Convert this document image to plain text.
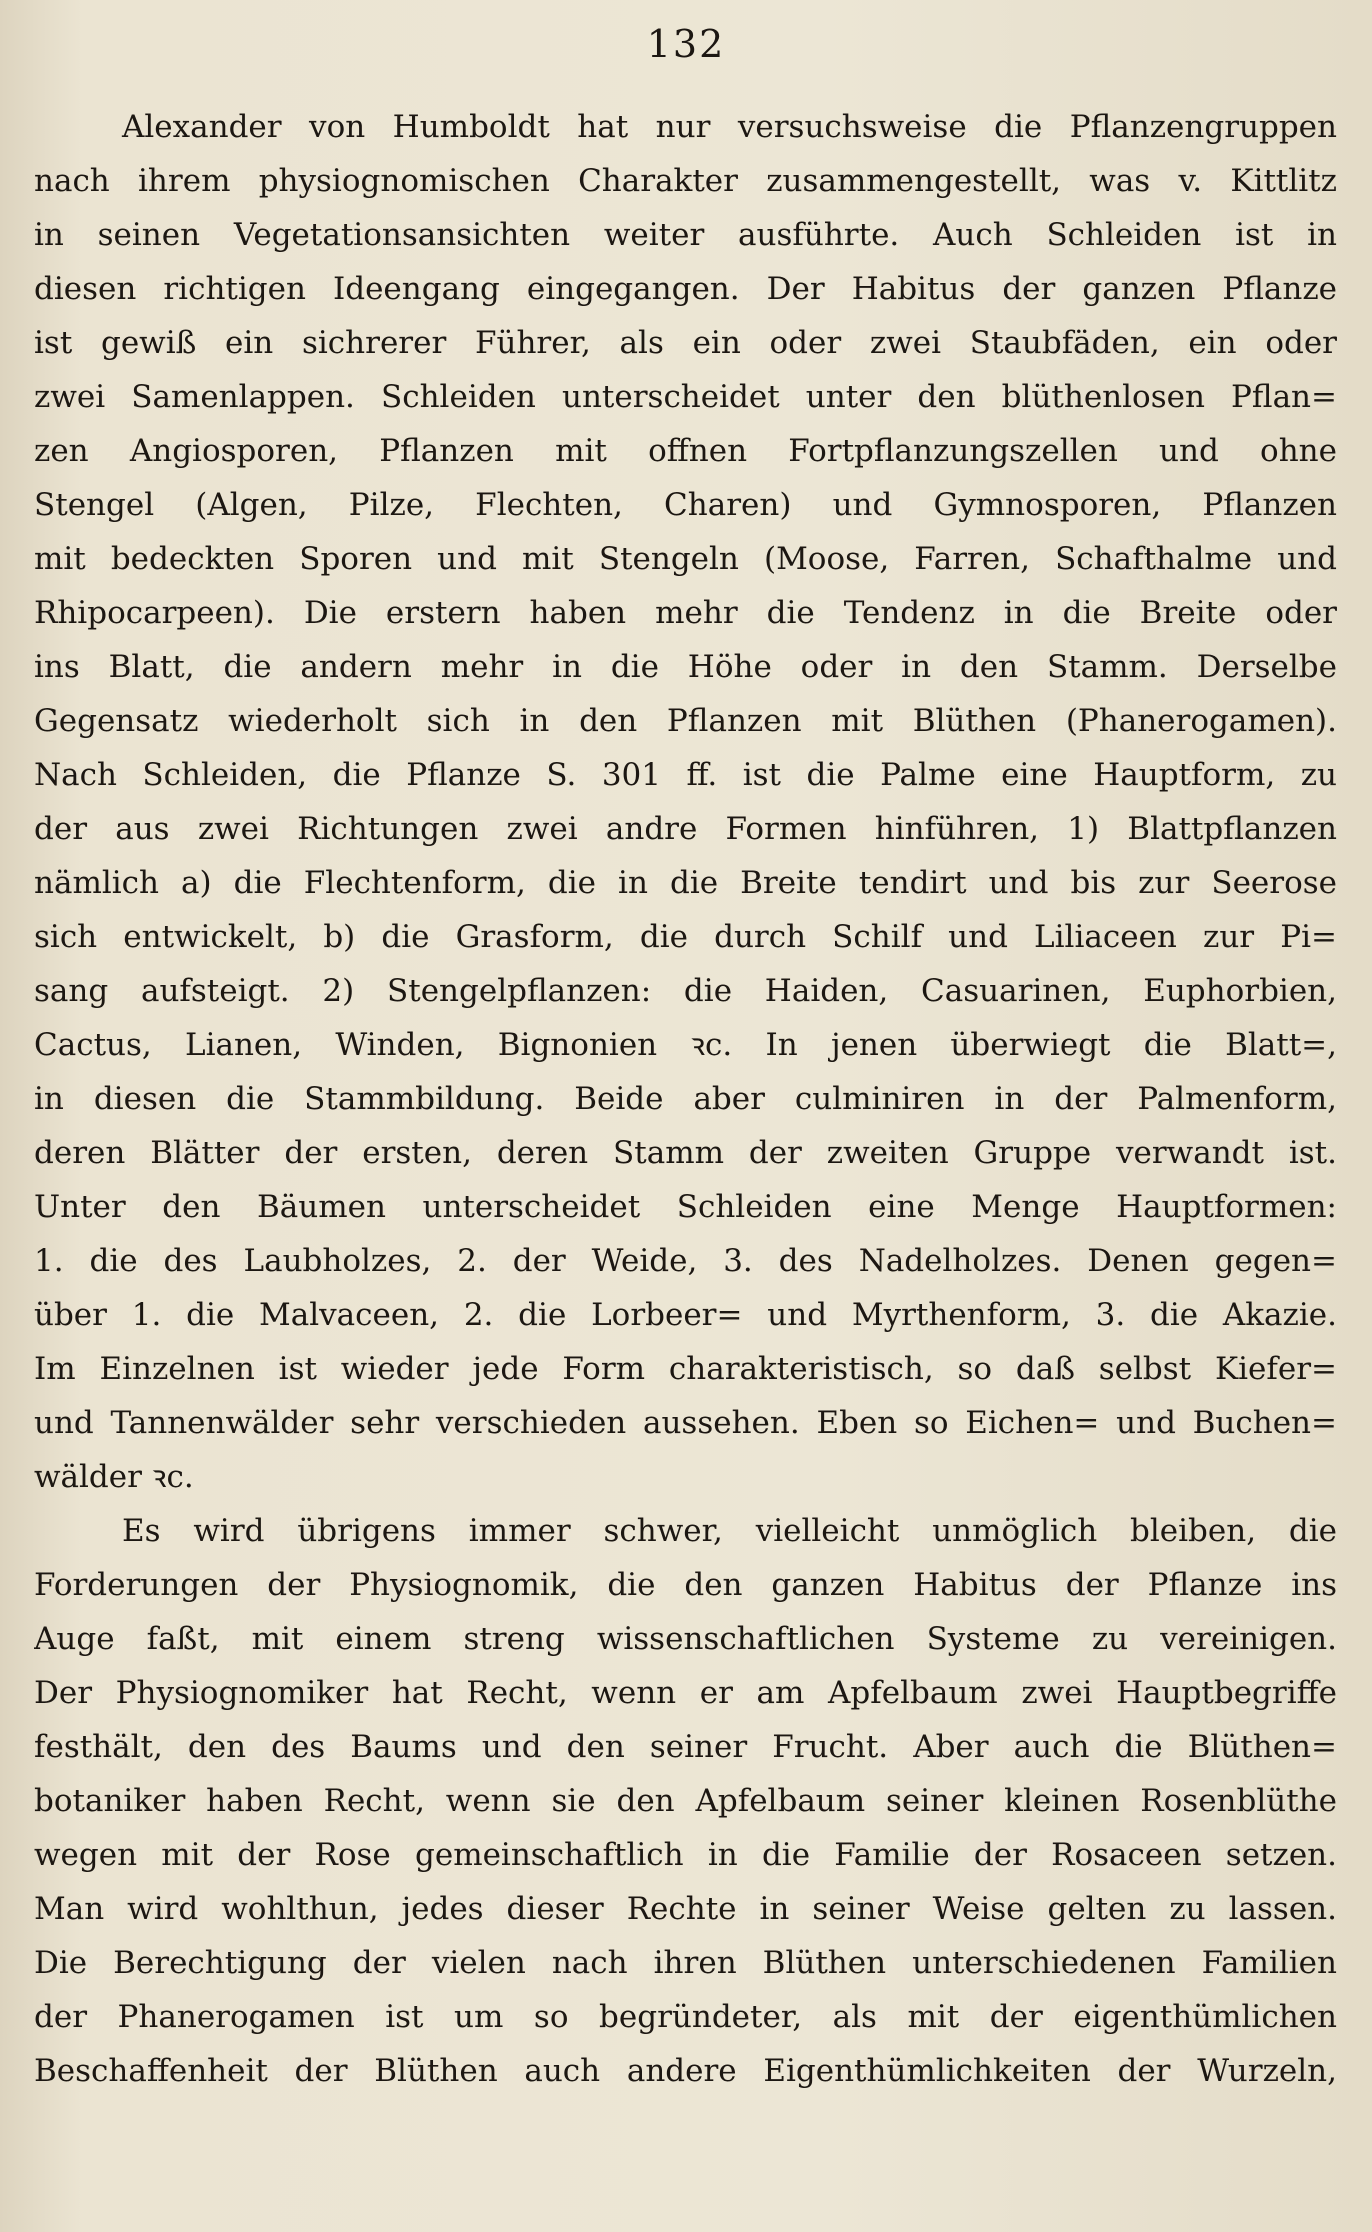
132
Alexander von Humboldt hat nur versuchsweise die Pflanzengruppen
nach ihrem physiognomischen Charakter zusammengestellt, was v. Kittlitz
in seinen Vegetationsansichten weiter ausführte. Auch Schleiden ist in
diesen richtigen Ideengang eingegangen. Der Habitus der ganzen Pflanze
ist gewiß ein sichrerer Führer, als ein oder zwei Staubfäden, ein oder
zwei Samenlappen. Schleiden unterscheidet unter den blüthenlosen Pflan=
zen Angiosporen, Pflanzen mit offnen Fortpflanzungszellen und ohne
Stengel (Algen, Pilze, Flechten, Charen) und Gymnosporen, Pflanzen
mit bedeckten Sporen und mit Stengeln (Moose, Farren, Schafthalme und
Rhipocarpeen). Die erstern haben mehr die Tendenz in die Breite oder
ins Blatt, die andern mehr in die Höhe oder in den Stamm. Derselbe
Gegensatz wiederholt sich in den Pflanzen mit Blüthen (Phanerogamen).
Nach Schleiden, die Pflanze S. 301 ff. ist die Palme eine Hauptform, zu
der aus zwei Richtungen zwei andre Formen hinführen, 1) Blattpflanzen
nämlich a) die Flechtenform, die in die Breite tendirt und bis zur Seerose
sich entwickelt, b) die Grasform, die durch Schilf und Liliaceen zur Pi=
sang aufsteigt. 2) Stengelpflanzen: die Haiden, Casuarinen, Euphorbien,
Cactus, Lianen, Winden, Bignonien ꝛc. In jenen überwiegt die Blatt=,
in diesen die Stammbildung. Beide aber culminiren in der Palmenform,
deren Blätter der ersten, deren Stamm der zweiten Gruppe verwandt ist.
Unter den Bäumen unterscheidet Schleiden eine Menge Hauptformen:
1. die des Laubholzes, 2. der Weide, 3. des Nadelholzes. Denen gegen=
über 1. die Malvaceen, 2. die Lorbeer= und Myrthenform, 3. die Akazie.
Im Einzelnen ist wieder jede Form charakteristisch, so daß selbst Kiefer=
und Tannenwälder sehr verschieden aussehen. Eben so Eichen= und Buchen=
wälder ꝛc.
Es wird übrigens immer schwer, vielleicht unmöglich bleiben, die
Forderungen der Physiognomik, die den ganzen Habitus der Pflanze ins
Auge faßt, mit einem streng wissenschaftlichen Systeme zu vereinigen.
Der Physiognomiker hat Recht, wenn er am Apfelbaum zwei Hauptbegriffe
festhält, den des Baums und den seiner Frucht. Aber auch die Blüthen=
botaniker haben Recht, wenn sie den Apfelbaum seiner kleinen Rosenblüthe
wegen mit der Rose gemeinschaftlich in die Familie der Rosaceen setzen.
Man wird wohlthun, jedes dieser Rechte in seiner Weise gelten zu lassen.
Die Berechtigung der vielen nach ihren Blüthen unterschiedenen Familien
der Phanerogamen ist um so begründeter, als mit der eigenthümlichen
Beschaffenheit der Blüthen auch andere Eigenthümlichkeiten der Wurzeln,
